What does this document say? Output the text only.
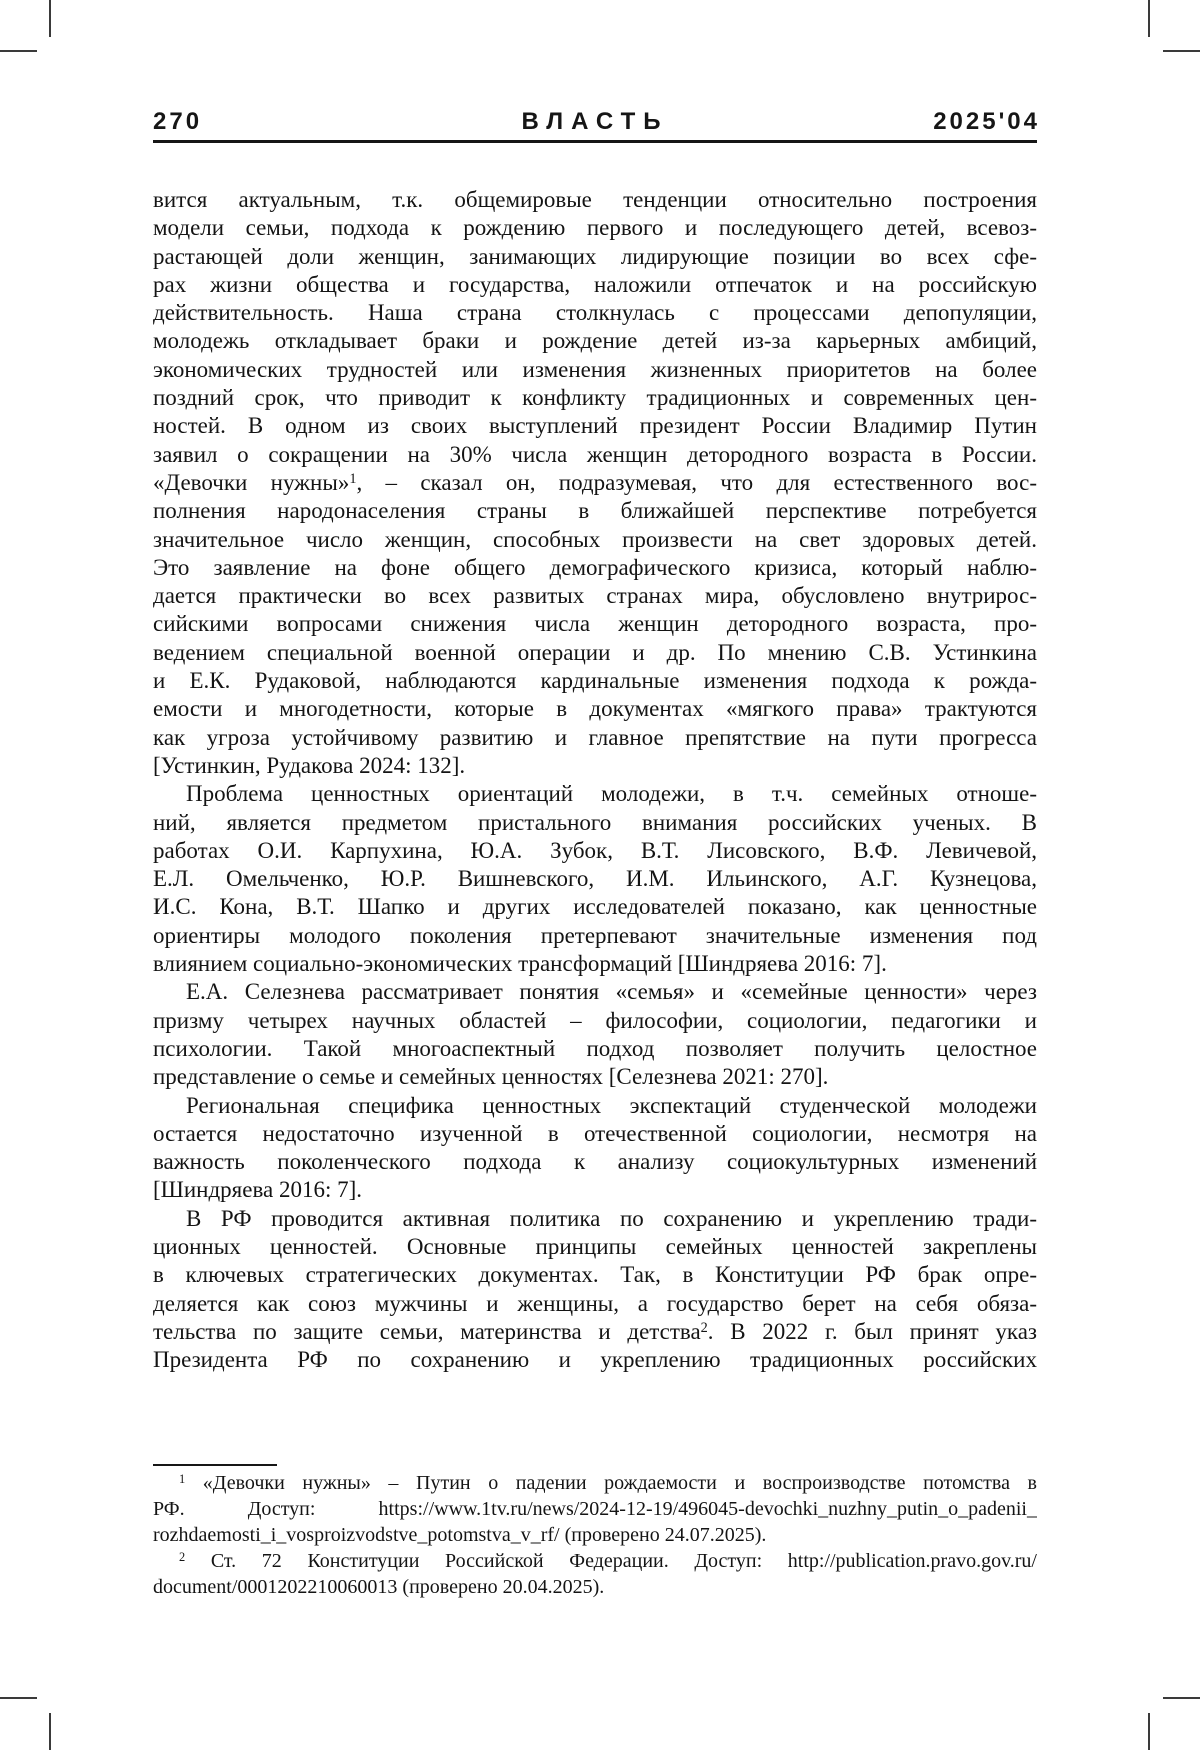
270	ВЛАСТЬ	2025'04
вится актуальным, т.к. общемировые тенденции относительно построения
модели семьи, подхода к рождению первого и последующего детей, всевоз-
растающей доли женщин, занимающих лидирующие позиции во всех сфе-
рах жизни общества и государства, наложили отпечаток и на российскую
действительность. Наша страна столкнулась с процессами депопуляции,
молодежь откладывает браки и рождение детей из-за карьерных амбиций,
экономических трудностей или изменения жизненных приоритетов на более
поздний срок, что приводит к конфликту традиционных и современных цен-
ностей. В одном из своих выступлений президент России Владимир Путин
заявил о сокращении на 30% числа женщин детородного возраста в России.
«Девочки нужны»$^1$, – сказал он, подразумевая, что для естественного вос-
полнения народонаселения страны в ближайшей перспективе потребуется
значительное число женщин, способных произвести на свет здоровых детей.
Это заявление на фоне общего демографического кризиса, который наблю-
дается практически во всех развитых странах мира, обусловлено внутрирос-
сийскими вопросами снижения числа женщин детородного возраста, про-
ведением специальной военной операции и др. По мнению С.В. Устинкина
и Е.К. Рудаковой, наблюдаются кардинальные изменения подхода к рожда-
емости и многодетности, которые в документах «мягкого права» трактуются
как угроза устойчивому развитию и главное препятствие на пути прогресса
[Устинкин, Рудакова 2024: 132].
Проблема ценностных ориентаций молодежи, в т.ч. семейных отноше-
ний, является предметом пристального внимания российских ученых. В
работах О.И. Карпухина, Ю.А. Зубок, В.Т. Лисовского, В.Ф. Левичевой,
Е.Л. Омельченко, Ю.Р. Вишневского, И.М. Ильинского, А.Г. Кузнецова,
И.С. Кона, В.Т. Шапко и других исследователей показано, как ценностные
ориентиры молодого поколения претерпевают значительные изменения под
влиянием социально-экономических трансформаций [Шиндряева 2016: 7].
Е.А. Селезнева рассматривает понятия «семья» и «семейные ценности» через
призму четырех научных областей – философии, социологии, педагогики и
психологии. Такой многоаспектный подход позволяет получить целостное
представление о семье и семейных ценностях [Селезнева 2021: 270].
Региональная специфика ценностных экспектаций студенческой молодежи
остается недостаточно изученной в отечественной социологии, несмотря на
важность поколенческого подхода к анализу социокультурных изменений
[Шиндряева 2016: 7].
В РФ проводится активная политика по сохранению и укреплению тради-
ционных ценностей. Основные принципы семейных ценностей закреплены
в ключевых стратегических документах. Так, в Конституции РФ брак опре-
деляется как союз мужчины и женщины, а государство берет на себя обяза-
тельства по защите семьи, материнства и детства$^2$. В 2022 г. был принят указ
Президента РФ по сохранению и укреплению традиционных российских
$^1$ «Девочки нужны» – Путин о падении рождаемости и воспроизводстве потомства в
РФ. Доступ: https://www.1tv.ru/news/2024-12-19/496045-devochki_nuzhny_putin_o_padenii_
rozhdaemosti_i_vosproizvodstve_potomstva_v_rf/ (проверено 24.07.2025).
$^2$ Ст. 72 Конституции Российской Федерации. Доступ: http://publication.pravo.gov.ru/
document/0001202210060013 (проверено 20.04.2025).
